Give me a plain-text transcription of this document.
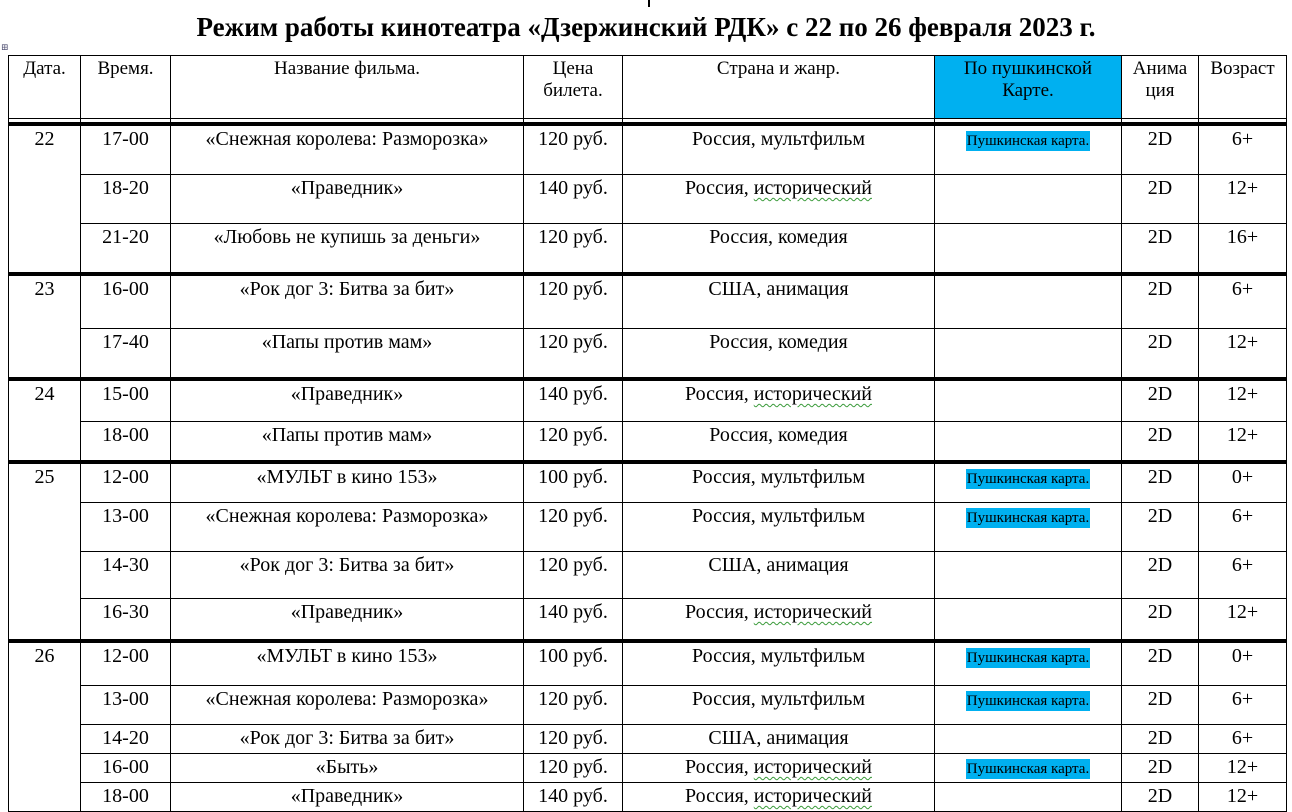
⊞
Режим работы кинотеатра «Дзержинский РДК» с 22 по 26 февраля 2023 г.
Дата.	Время.	Название фильма.	Цена билета.	Страна и жанр.	По пушкинской Карте.	Анима ция	Возраст

22	17-00	«Снежная королева: Разморозка»	120 руб.	Россия, мультфильм	Пушкинская карта.	2D	6+
	18-20	«Праведник»	140 руб.	Россия, исторический		2D	12+
	21-20	«Любовь не купишь за деньги»	120 руб.	Россия, комедия		2D	16+
23	16-00	«Рок дог 3: Битва за бит»	120 руб.	США, анимация		2D	6+
	17-40	«Папы против мам»	120 руб.	Россия, комедия		2D	12+
24	15-00	«Праведник»	140 руб.	Россия, исторический		2D	12+
	18-00	«Папы против мам»	120 руб.	Россия, комедия		2D	12+
25	12-00	«МУЛЬТ в кино 153»	100 руб.	Россия, мультфильм	Пушкинская карта.	2D	0+
	13-00	«Снежная королева: Разморозка»	120 руб.	Россия, мультфильм	Пушкинская карта.	2D	6+
	14-30	«Рок дог 3: Битва за бит»	120 руб.	США, анимация		2D	6+
	16-30	«Праведник»	140 руб.	Россия, исторический		2D	12+
26	12-00	«МУЛЬТ в кино 153»	100 руб.	Россия, мультфильм	Пушкинская карта.	2D	0+
	13-00	«Снежная королева: Разморозка»	120 руб.	Россия, мультфильм	Пушкинская карта.	2D	6+
	14-20	«Рок дог 3: Битва за бит»	120 руб.	США, анимация		2D	6+
	16-00	«Быть»	120 руб.	Россия, исторический	Пушкинская карта.	2D	12+
	18-00	«Праведник»	140 руб.	Россия, исторический		2D	12+
